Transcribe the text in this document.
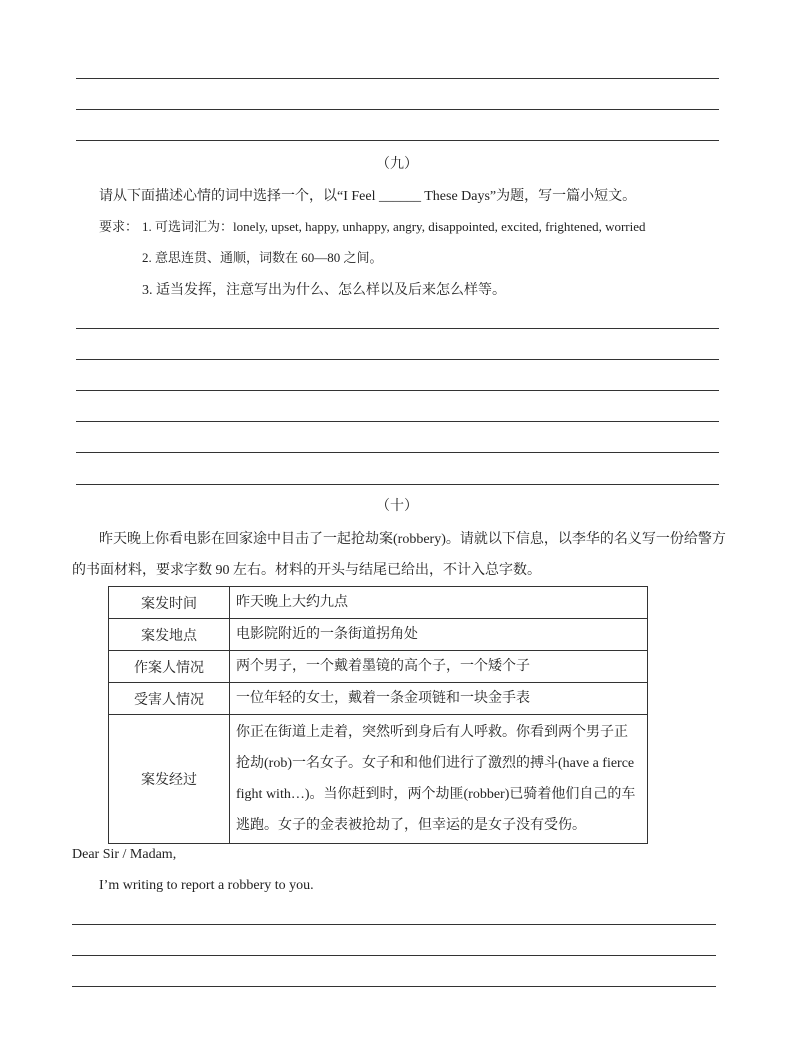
（九）
请从下面描述心情的词中选择一个，以“I Feel ______ These Days”为题，写一篇小短文。
要求： 1. 可选词汇为：lonely, upset, happy, unhappy, angry, disappointed, excited, frightened, worried
2. 意思连贯、通顺，词数在 60—80 之间。
3. 适当发挥，注意写出为什么、怎么样以及后来怎么样等。
（十）
昨天晚上你看电影在回家途中目击了一起抢劫案(robbery)。请就以下信息，以李华的名义写一份给警方
的书面材料，要求字数 90 左右。材料的开头与结尾已给出，不计入总字数。
案发时间	昨天晚上大约九点
案发地点	电影院附近的一条街道拐角处
作案人情况	两个男子，一个戴着墨镜的高个子，一个矮个子
受害人情况	一位年轻的女士，戴着一条金项链和一块金手表
案发经过	你正在街道上走着，突然听到身后有人呼救。你看到两个男子正抢劫(rob)一名女子。女子和和他们进行了激烈的搏斗(have a fierce fight with…)。当你赶到时，两个劫匪(robber)已骑着他们自己的车逃跑。女子的金表被抢劫了，但幸运的是女子没有受伤。
Dear Sir / Madam,
I’m writing to report a robbery to you.
